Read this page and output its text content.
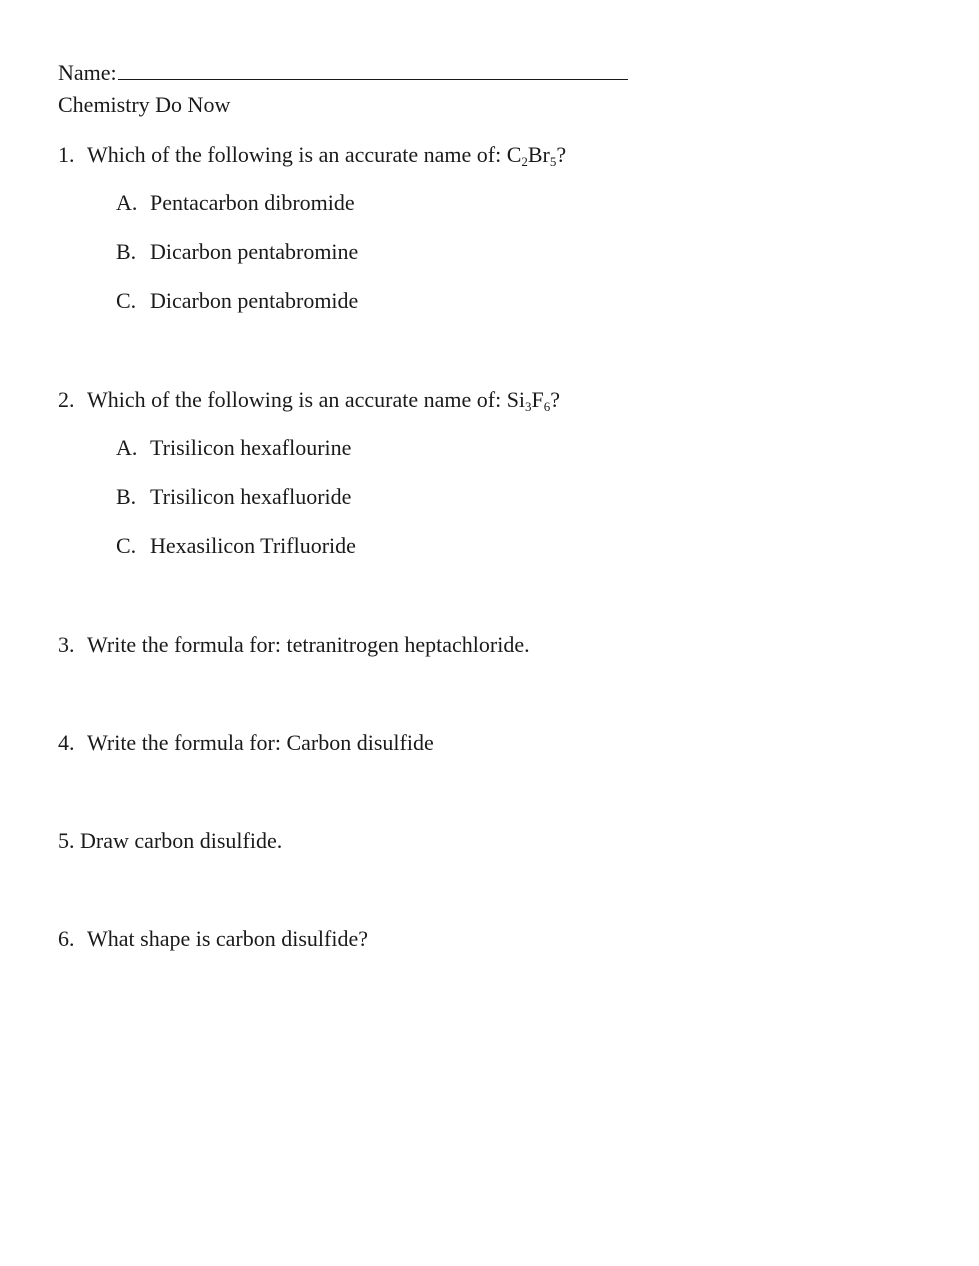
Name:
Chemistry Do Now
1. Which of the following is an accurate name of: $C_2Br_5$?
A. Pentacarbon dibromide
B. Dicarbon pentabromine
C. Dicarbon pentabromide
2. Which of the following is an accurate name of: $Si_3F_6$?
A. Trisilicon hexaflourine
B. Trisilicon hexafluoride
C. Hexasilicon Trifluoride
3. Write the formula for: tetranitrogen heptachloride.
4. Write the formula for: Carbon disulfide
5. Draw carbon disulfide.
6. What shape is carbon disulfide?
